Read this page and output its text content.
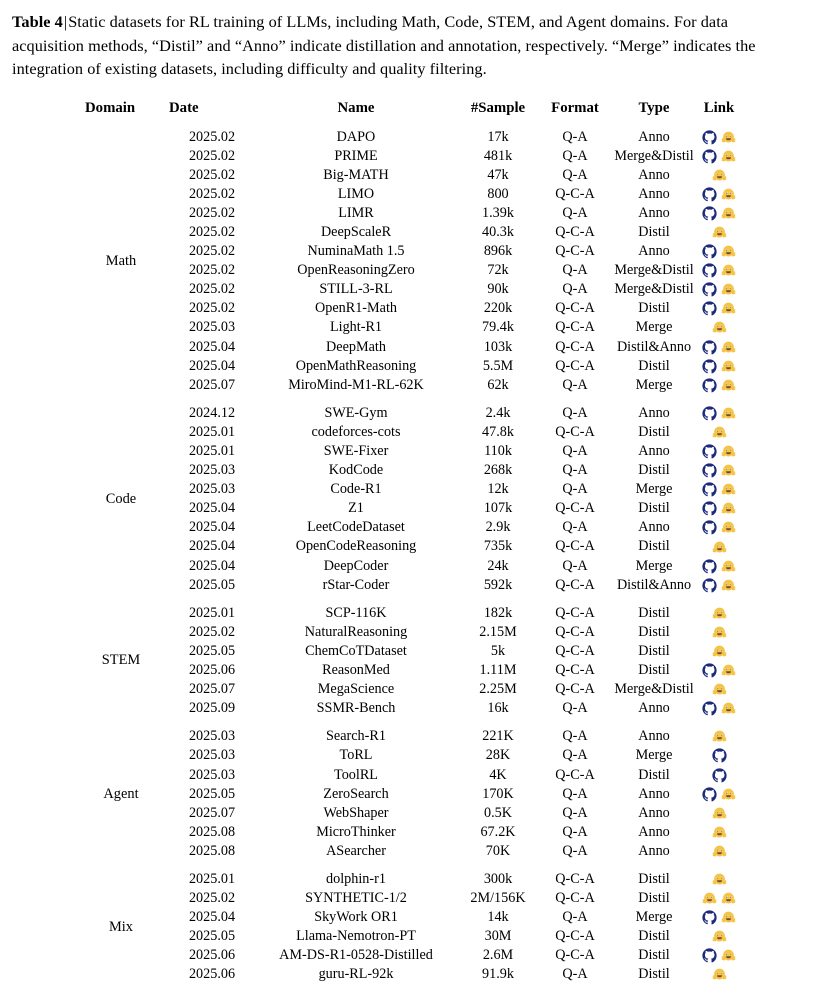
Table 4|Static datasets for RL training of LLMs, including Math, Code, STEM, and Agent domains. For data acquisition methods, “Distil” and “Anno” indicate distillation and annotation, respectively. “Merge” indicates the integration of existing datasets, including difficulty and quality filtering.

Domain	Date	Name	#Sample	Format	Type	Link

Math	2025.02	DAPO	17k	Q-A	Anno	

	2025.02	PRIME	481k	Q-A	Merge&Distil	

	2025.02	Big-MATH	47k	Q-A	Anno	

	2025.02	LIMO	800	Q-C-A	Anno	

	2025.02	LIMR	1.39k	Q-A	Anno	

	2025.02	DeepScaleR	40.3k	Q-C-A	Distil	

	2025.02	NuminaMath 1.5	896k	Q-C-A	Anno	

	2025.02	OpenReasoningZero	72k	Q-A	Merge&Distil	

	2025.02	STILL-3-RL	90k	Q-A	Merge&Distil	

	2025.02	OpenR1-Math	220k	Q-C-A	Distil	

	2025.03	Light-R1	79.4k	Q-C-A	Merge	

	2025.04	DeepMath	103k	Q-C-A	Distil&Anno	

	2025.04	OpenMathReasoning	5.5M	Q-C-A	Distil	

	2025.07	MiroMind-M1-RL-62K	62k	Q-A	Merge	

Code	2024.12	SWE-Gym	2.4k	Q-A	Anno	

	2025.01	codeforces-cots	47.8k	Q-C-A	Distil	

	2025.01	SWE-Fixer	110k	Q-A	Anno	

	2025.03	KodCode	268k	Q-A	Distil	

	2025.03	Code-R1	12k	Q-A	Merge	

	2025.04	Z1	107k	Q-C-A	Distil	

	2025.04	LeetCodeDataset	2.9k	Q-A	Anno	

	2025.04	OpenCodeReasoning	735k	Q-C-A	Distil	

	2025.04	DeepCoder	24k	Q-A	Merge	

	2025.05	rStar-Coder	592k	Q-C-A	Distil&Anno	

STEM	2025.01	SCP-116K	182k	Q-C-A	Distil	

	2025.02	NaturalReasoning	2.15M	Q-C-A	Distil	

	2025.05	ChemCoTDataset	5k	Q-C-A	Distil	

	2025.06	ReasonMed	1.11M	Q-C-A	Distil	

	2025.07	MegaScience	2.25M	Q-C-A	Merge&Distil	

	2025.09	SSMR-Bench	16k	Q-A	Anno	

Agent	2025.03	Search-R1	221K	Q-A	Anno	

	2025.03	ToRL	28K	Q-A	Merge	

	2025.03	ToolRL	4K	Q-C-A	Distil	

	2025.05	ZeroSearch	170K	Q-A	Anno	

	2025.07	WebShaper	0.5K	Q-A	Anno	

	2025.08	MicroThinker	67.2K	Q-A	Anno	

	2025.08	ASearcher	70K	Q-A	Anno	

Mix	2025.01	dolphin-r1	300k	Q-C-A	Distil	

	2025.02	SYNTHETIC-1/2	2M/156K	Q-C-A	Distil	

	2025.04	SkyWork OR1	14k	Q-A	Merge	

	2025.05	Llama-Nemotron-PT	30M	Q-C-A	Distil	

	2025.06	AM-DS-R1-0528-Distilled	2.6M	Q-C-A	Distil	

	2025.06	guru-RL-92k	91.9k	Q-A	Distil	
